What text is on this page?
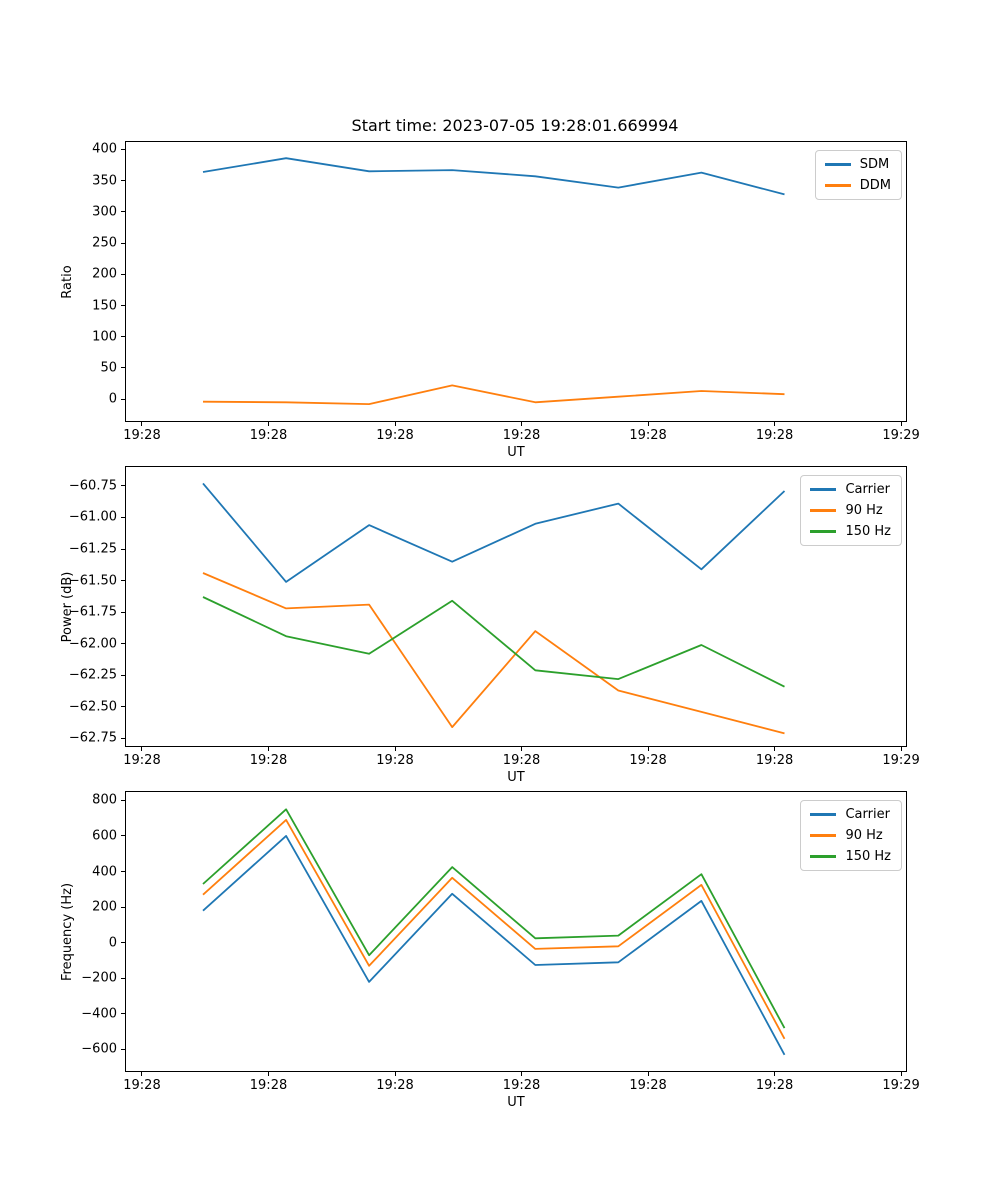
Start time: 2023-07-05 19:28:01.669994
Ratio
UT
SDM
DDM
0
50
100
150
200
250
300
350
400
19:28	19:28	19:28	19:28	19:28	19:28	19:29
Power (dB)
UT
Carrier
90 Hz
150 Hz
−60.75
−61.00
−61.25
−61.50
−61.75
−62.00
−62.25
−62.50
−62.75
19:28	19:28	19:28	19:28	19:28	19:28	19:29
Frequency (Hz)
UT
Carrier
90 Hz
150 Hz
800
600
400
200
0
−200
−400
−600
19:28	19:28	19:28	19:28	19:28	19:28	19:29
